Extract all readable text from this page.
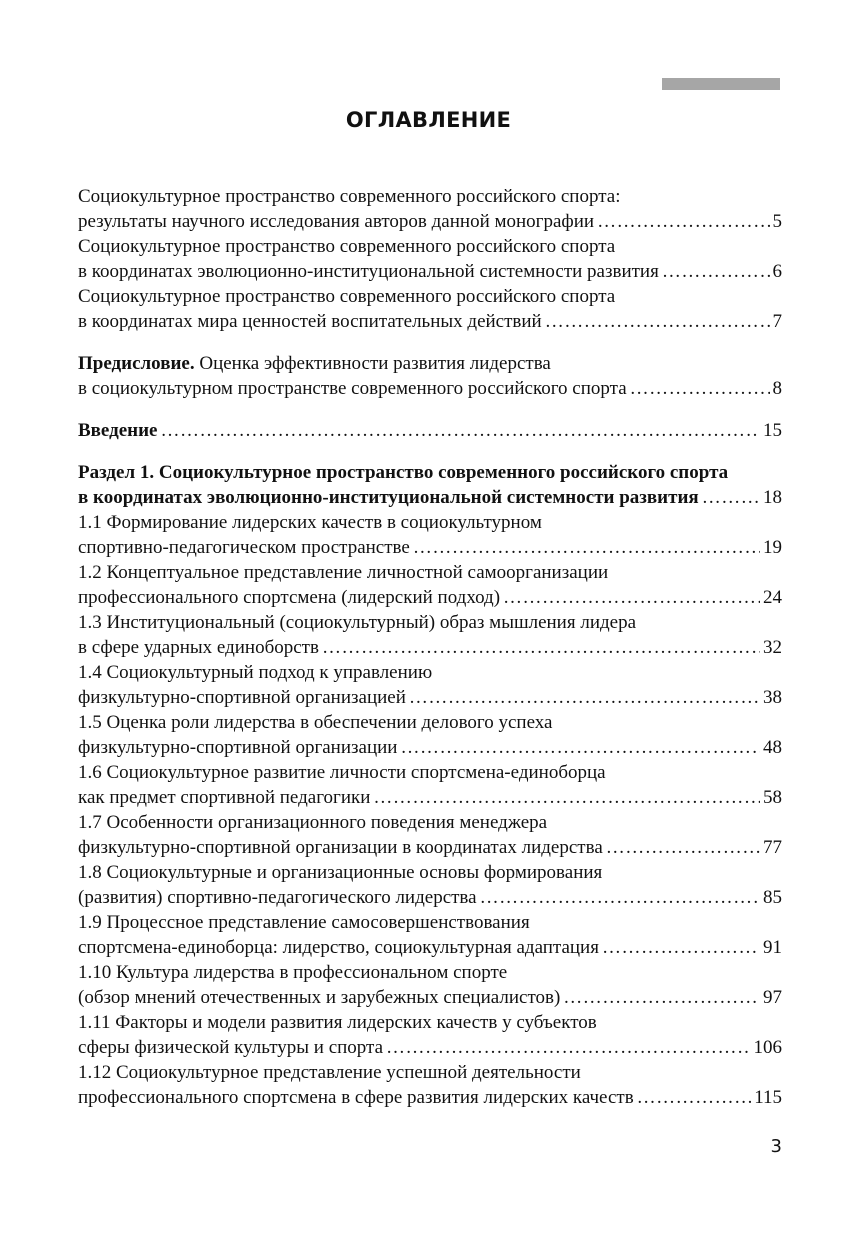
ОГЛАВЛЕНИЕ
Социокультурное пространство современного российского спорта:
результаты научного исследования авторов данной монографии …………………………………………………………………………………………………………………………………………	5
Социокультурное пространство современного российского спорта
в координатах эволюционно-институциональной системности развития …………………………………………………………………………………………………………………………………………	6
Социокультурное пространство современного российского спорта
в координатах мира ценностей воспитательных действий …………………………………………………………………………………………………………………………………………	7
Предисловие. Оценка эффективности развития лидерства
в социокультурном пространстве современного российского спорта …………………………………………………………………………………………………………………………………………	8
Введение …………………………………………………………………………………………………………………………………………	15
Раздел 1. Социокультурное пространство современного российского спорта
в координатах эволюционно-институциональной системности развития …………………………………………………………………………………………………………………………………………	18
1.1 Формирование лидерских качеств в социокультурном
спортивно-педагогическом пространстве …………………………………………………………………………………………………………………………………………	19
1.2 Концептуальное представление личностной самоорганизации
профессионального спортсмена (лидерский подход) …………………………………………………………………………………………………………………………………………	24
1.3 Институциональный (социокультурный) образ мышления лидера
в сфере ударных единоборств …………………………………………………………………………………………………………………………………………	32
1.4 Социокультурный подход к управлению
физкультурно-спортивной организацией …………………………………………………………………………………………………………………………………………	38
1.5 Оценка роли лидерства в обеспечении делового успеха
физкультурно-спортивной организации …………………………………………………………………………………………………………………………………………	48
1.6 Социокультурное развитие личности спортсмена-единоборца
как предмет спортивной педагогики …………………………………………………………………………………………………………………………………………	58
1.7 Особенности организационного поведения менеджера
физкультурно-спортивной организации в координатах лидерства …………………………………………………………………………………………………………………………………………	77
1.8 Социокультурные и организационные основы формирования
(развития) спортивно-педагогического лидерства …………………………………………………………………………………………………………………………………………	85
1.9 Процессное представление самосовершенствования
спортсмена-единоборца: лидерство, социокультурная адаптация …………………………………………………………………………………………………………………………………………	91
1.10 Культура лидерства в профессиональном спорте
(обзор мнений отечественных и зарубежных специалистов) …………………………………………………………………………………………………………………………………………	97
1.11 Факторы и модели развития лидерских качеств у субъектов
сферы физической культуры и спорта …………………………………………………………………………………………………………………………………………	106
1.12 Социокультурное представление успешной деятельности
профессионального спортсмена в сфере развития лидерских качеств …………………………………………………………………………………………………………………………………………	115
3
